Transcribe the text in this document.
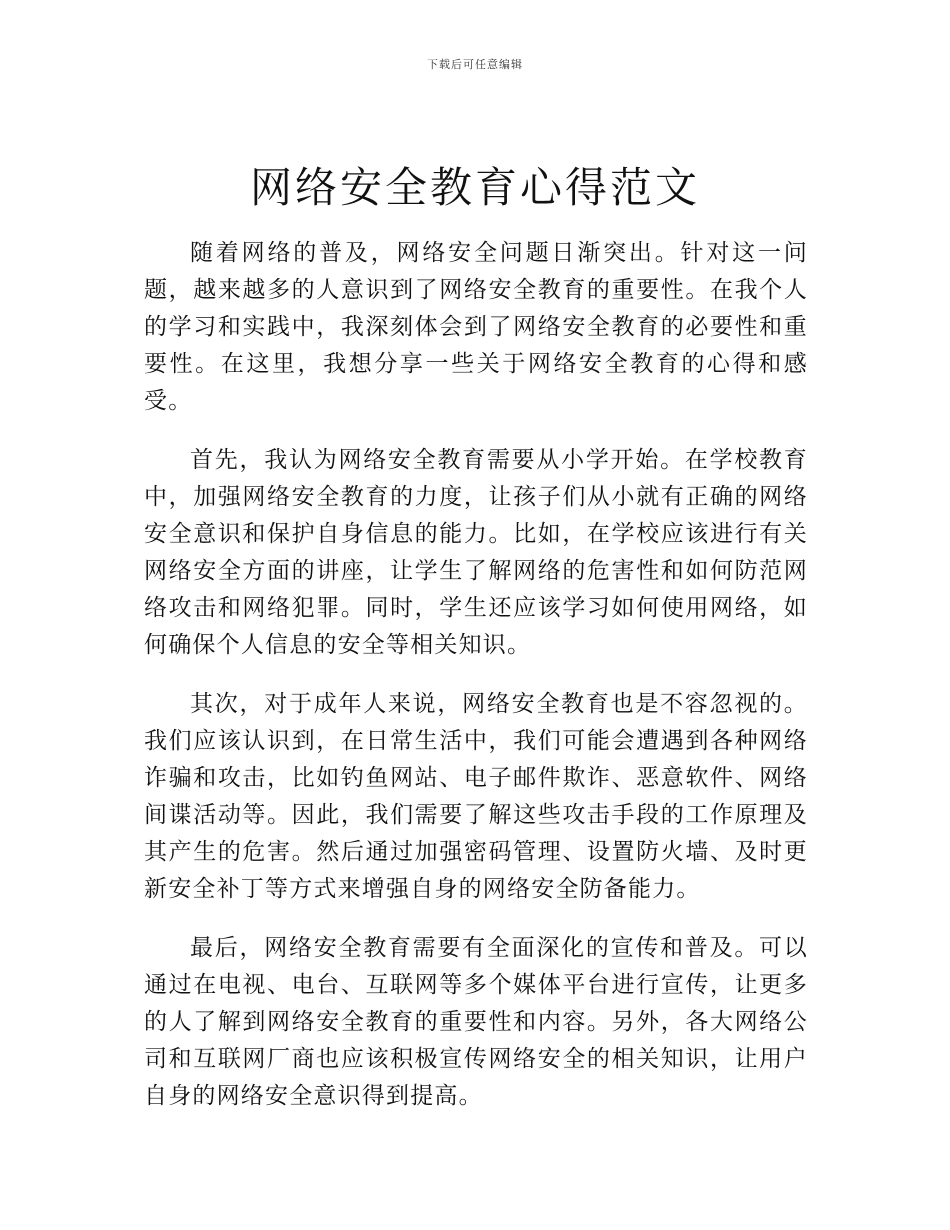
下载后可任意编辑
网络安全教育心得范文

随着网络的普及，网络安全问题日渐突出。针对这一问题，越来越多的人意识到了网络安全教育的重要性。在我个人的学习和实践中，我深刻体会到了网络安全教育的必要性和重要性。在这里，我想分享一些关于网络安全教育的心得和感受。

首先，我认为网络安全教育需要从小学开始。在学校教育中，加强网络安全教育的力度，让孩子们从小就有正确的网络安全意识和保护自身信息的能力。比如，在学校应该进行有关网络安全方面的讲座，让学生了解网络的危害性和如何防范网络攻击和网络犯罪。同时，学生还应该学习如何使用网络，如何确保个人信息的安全等相关知识。

其次，对于成年人来说，网络安全教育也是不容忽视的。我们应该认识到，在日常生活中，我们可能会遭遇到各种网络诈骗和攻击，比如钓鱼网站、电子邮件欺诈、恶意软件、网络间谍活动等。因此，我们需要了解这些攻击手段的工作原理及其产生的危害。然后通过加强密码管理、设置防火墙、及时更新安全补丁等方式来增强自身的网络安全防备能力。

最后，网络安全教育需要有全面深化的宣传和普及。可以通过在电视、电台、互联网等多个媒体平台进行宣传，让更多的人了解到网络安全教育的重要性和内容。另外，各大网络公司和互联网厂商也应该积极宣传网络安全的相关知识，让用户自身的网络安全意识得到提高。
